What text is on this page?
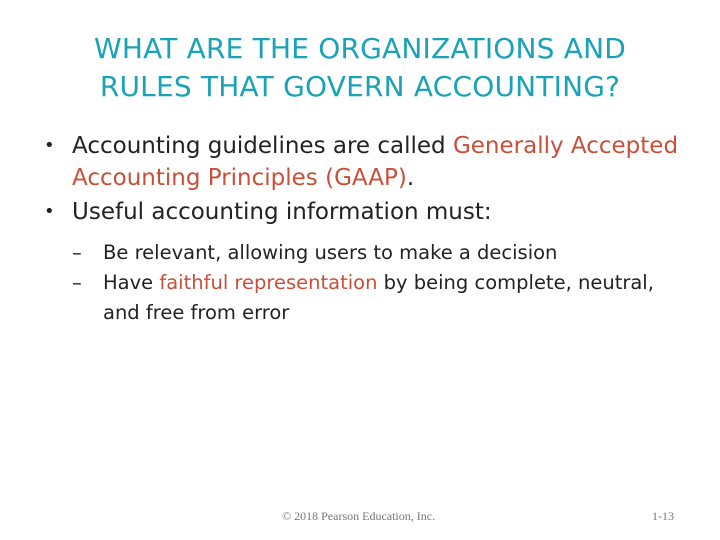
WHAT ARE THE ORGANIZATIONS AND
RULES THAT GOVERN ACCOUNTING?
• Accounting guidelines are called Generally Accepted Accounting Principles (GAAP).
• Useful accounting information must:
– Be relevant, allowing users to make a decision
– Have faithful representation by being complete, neutral, and free from error
© 2018 Pearson Education, Inc.	1-13
